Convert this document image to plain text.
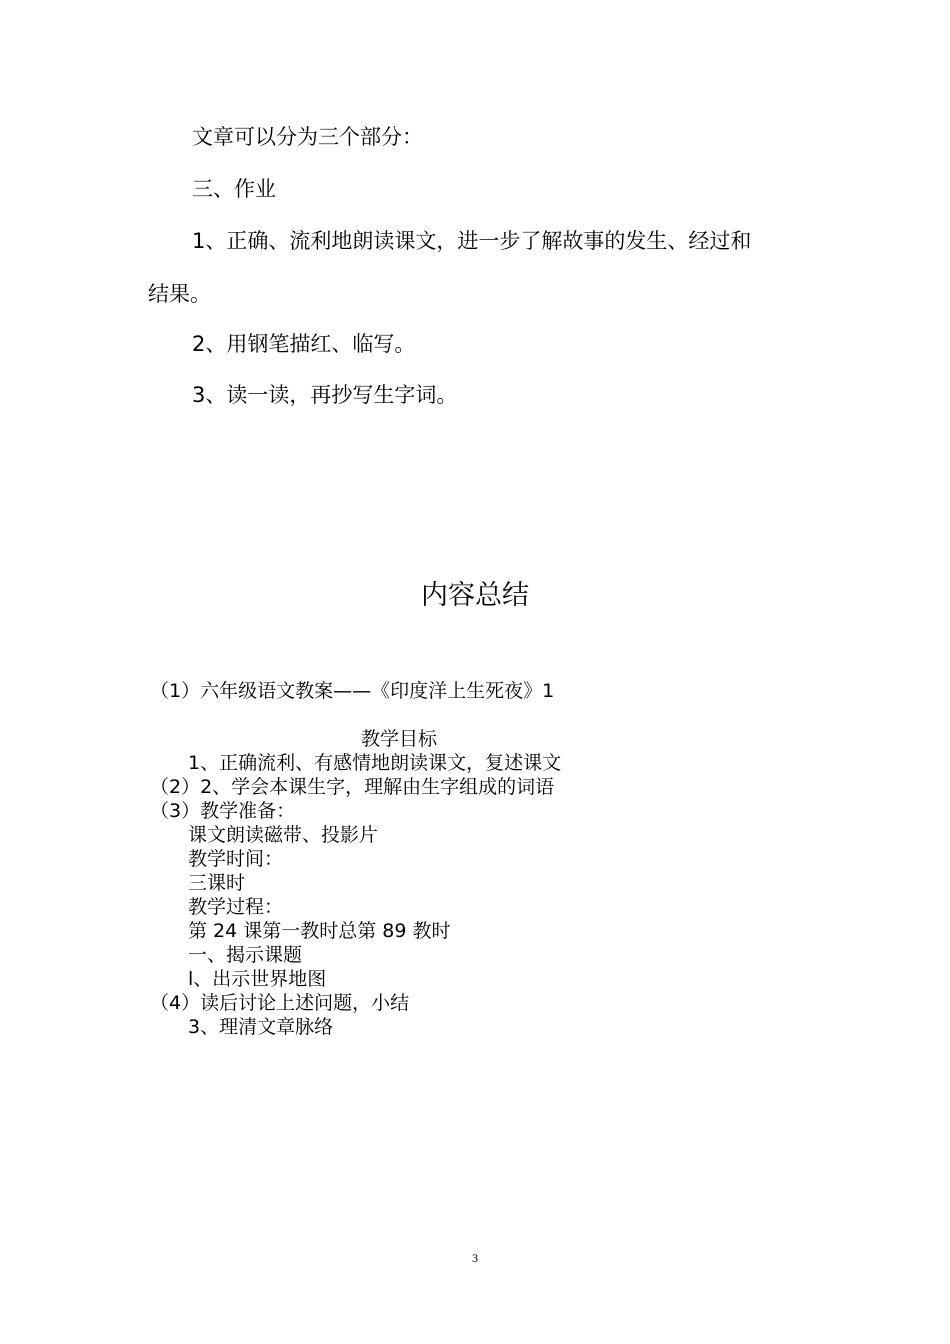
文章可以分为三个部分：
三、作业
1、正确、流利地朗读课文，进一步了解故事的发生、经过和
结果。
2、用钢笔描红、临写。
3、读一读，再抄写生字词。
内容总结
（1）六年级语文教案——《印度洋上生死夜》1
教学目标
1、正确流利、有感情地朗读课文，复述课文
（2）2、学会本课生字，理解由生字组成的词语
（3）教学准备：
课文朗读磁带、投影片
教学时间：
三课时
教学过程：
第 24 课第一教时总第 89 教时
一、揭示课题
l、出示世界地图
（4）读后讨论上述问题，小结
3、理清文章脉络
3
